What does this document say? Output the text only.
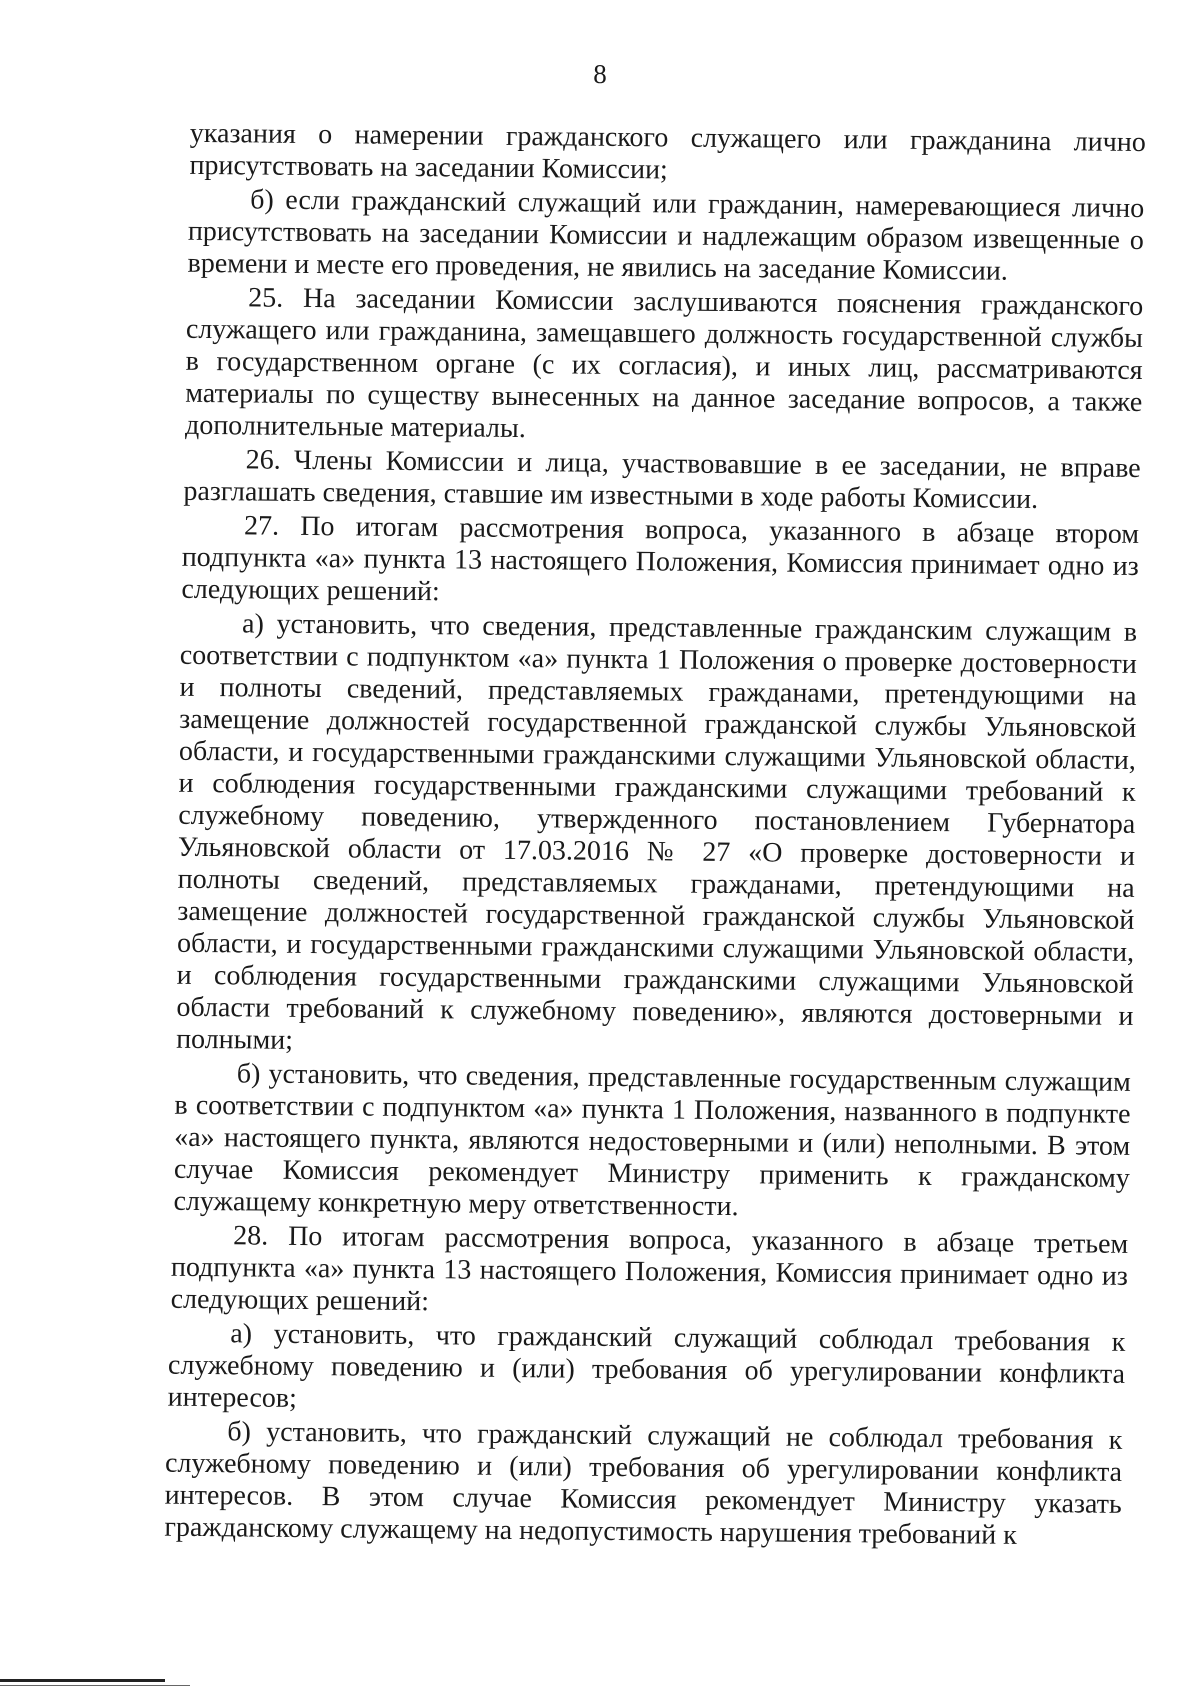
8

указания о намерении гражданского служащего или гражданина лично присутствовать на заседании Комиссии;

б) если гражданский служащий или гражданин, намеревающиеся лично присутствовать на заседании Комиссии и надлежащим образом извещенные о времени и месте его проведения, не явились на заседание Комиссии.

25. На заседании Комиссии заслушиваются пояснения гражданского служащего или гражданина, замещавшего должность государственной службы в государственном органе (с их согласия), и иных лиц, рассматриваются материалы по существу вынесенных на данное заседание вопросов, а также дополнительные материалы.

26. Члены Комиссии и лица, участвовавшие в ее заседании, не вправе разглашать сведения, ставшие им известными в ходе работы Комиссии.

27. По итогам рассмотрения вопроса, указанного в абзаце втором подпункта «а» пункта 13 настоящего Положения, Комиссия принимает одно из следующих решений:

а) установить, что сведения, представленные гражданским служащим в соответствии с подпунктом «а» пункта 1 Положения о проверке достоверности и полноты сведений, представляемых гражданами, претендующими на замещение должностей государственной гражданской службы Ульяновской области, и государственными гражданскими служащими Ульяновской области, и соблюдения государственными гражданскими служащими требований к служебному поведению, утвержденного постановлением Губернатора Ульяновской области от 17.03.2016 № 27 «О проверке достоверности и полноты сведений, представляемых гражданами, претендующими на замещение должностей государственной гражданской службы Ульяновской области, и государственными гражданскими служащими Ульяновской области, и соблюдения государственными гражданскими служащими Ульяновской области требований к служебному поведению», являются достоверными и полными;

б) установить, что сведения, представленные государственным служащим в соответствии с подпунктом «а» пункта 1 Положения, названного в подпункте «а» настоящего пункта, являются недостоверными и (или) неполными. В этом случае Комиссия рекомендует Министру применить к гражданскому служащему конкретную меру ответственности.

28. По итогам рассмотрения вопроса, указанного в абзаце третьем подпункта «а» пункта 13 настоящего Положения, Комиссия принимает одно из следующих решений:

а) установить, что гражданский служащий соблюдал требования к служебному поведению и (или) требования об урегулировании конфликта интересов;

б) установить, что гражданский служащий не соблюдал требования к служебному поведению и (или) требования об урегулировании конфликта интересов. В этом случае Комиссия рекомендует Министру указать гражданскому служащему на недопустимость нарушения требований к
